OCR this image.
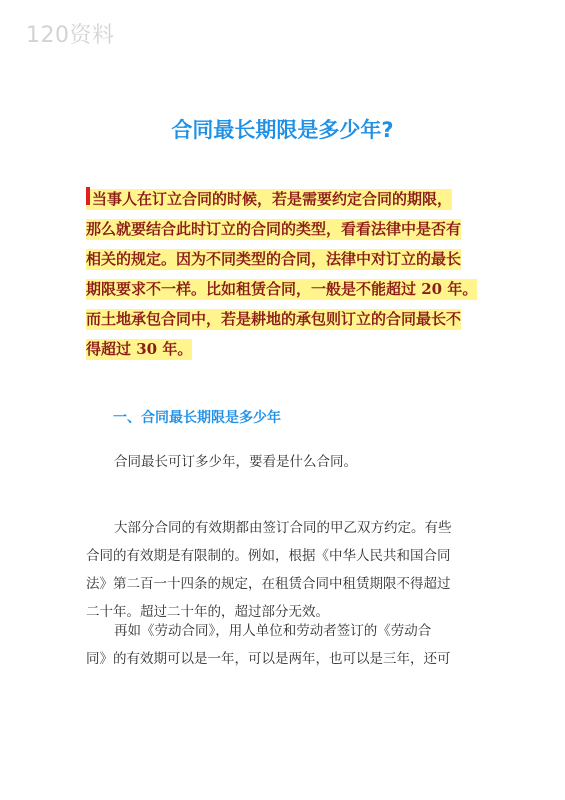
120资料
合同最长期限是多少年?
当事人在订立合同的时候，若是需要约定合同的期限，
那么就要结合此时订立的合同的类型，看看法律中是否有
相关的规定。因为不同类型的合同，法律中对订立的最长
期限要求不一样。比如租赁合同，一般是不能超过 20 年。
而土地承包合同中，若是耕地的承包则订立的合同最长不
得超过 30 年。
一、合同最长期限是多少年
合同最长可订多少年，要看是什么合同。
大部分合同的有效期都由签订合同的甲乙双方约定。有些
合同的有效期是有限制的。例如，根据《中华人民共和国合同
法》第二百一十四条的规定，在租赁合同中租赁期限不得超过
二十年。超过二十年的，超过部分无效。
再如《劳动合同》，用人单位和劳动者签订的《劳动合
同》的有效期可以是一年，可以是两年，也可以是三年，还可
